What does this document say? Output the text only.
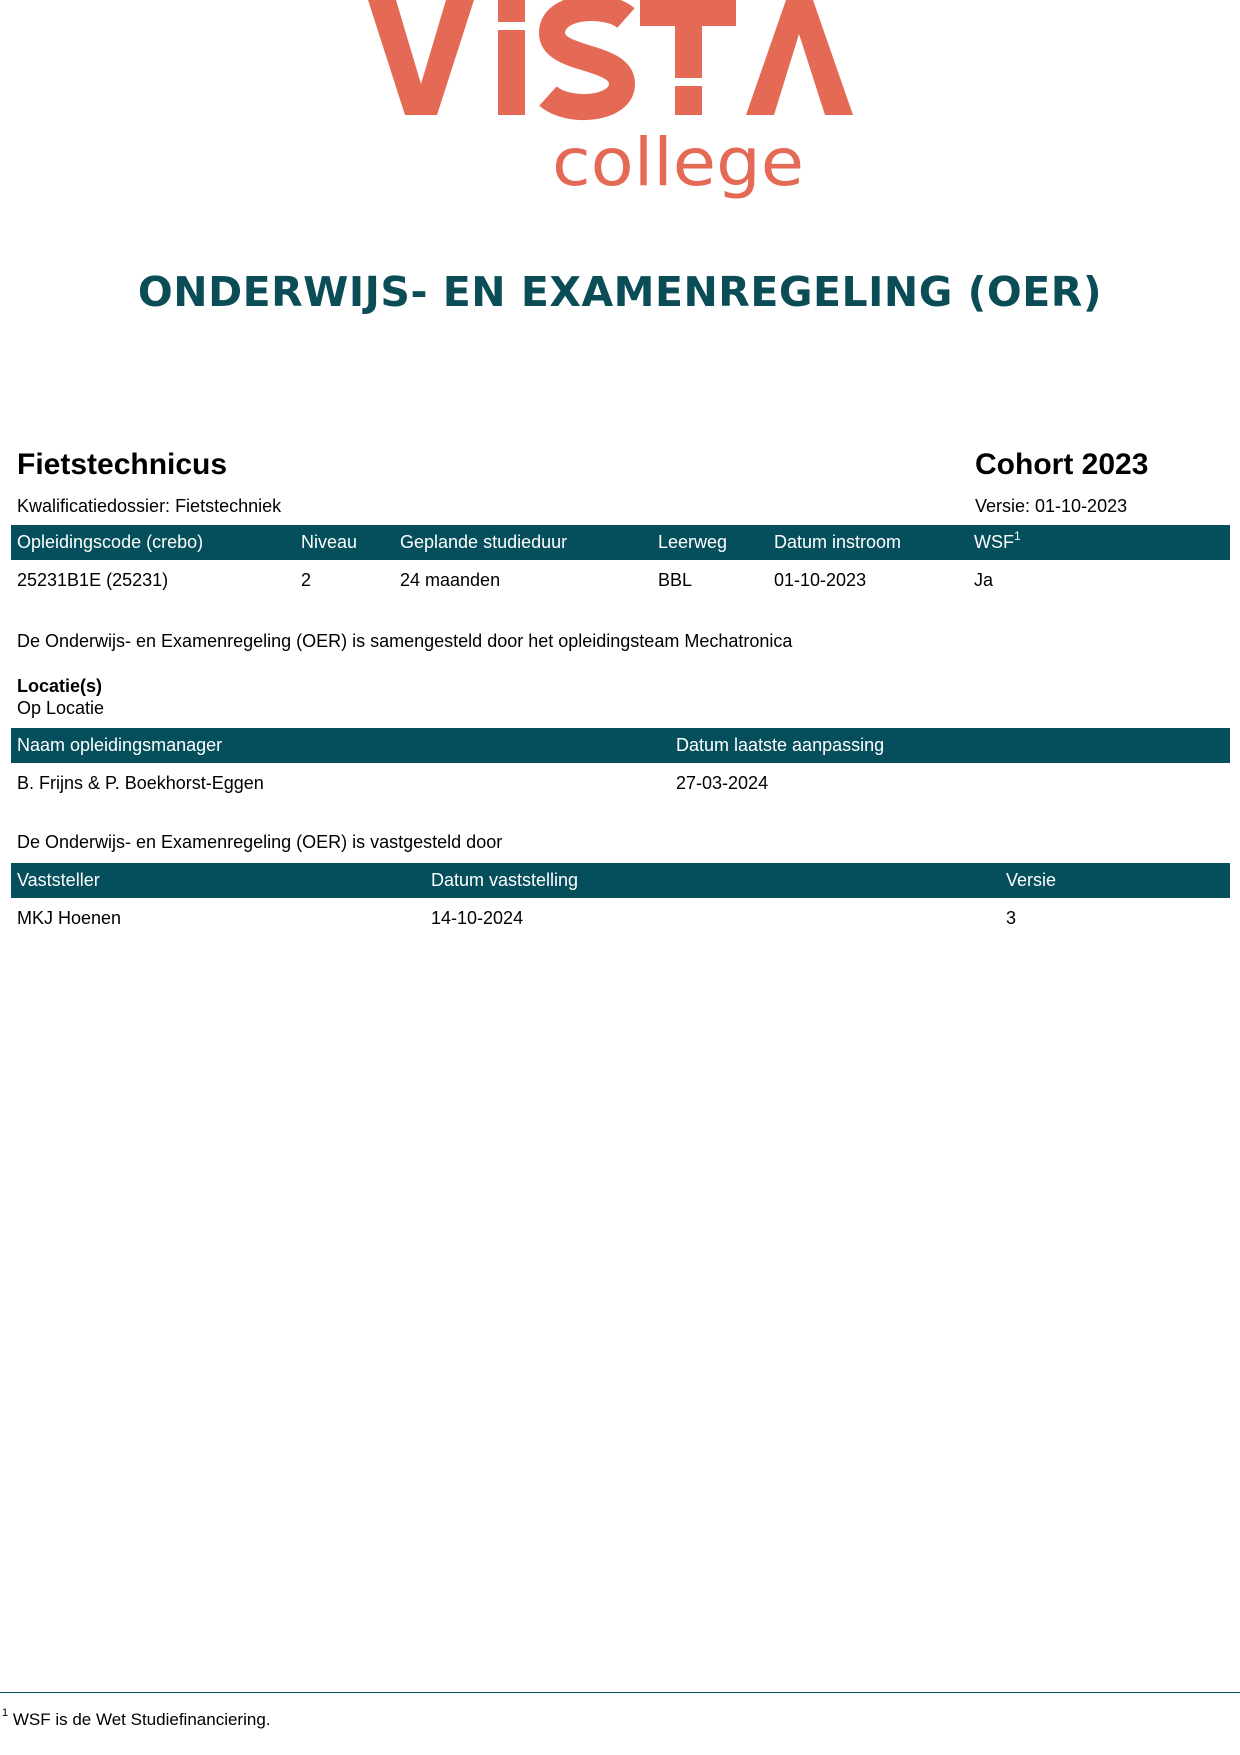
college
ONDERWIJS- EN EXAMENREGELING (OER)
Fietstechnicus	Cohort 2023
Kwalificatiedossier: Fietstechniek	Versie: 01-10-2023
Opleidingscode (crebo)	Niveau	Geplande studieduur	Leerweg	Datum instroom	WSF$^1$
25231B1E (25231)	2	24 maanden	BBL	01-10-2023	Ja
De Onderwijs- en Examenregeling (OER) is samengesteld door het opleidingsteam Mechatronica
Locatie(s)
Op Locatie
Naam opleidingsmanager	Datum laatste aanpassing
B. Frijns & P. Boekhorst-Eggen	27-03-2024
De Onderwijs- en Examenregeling (OER) is vastgesteld door
Vaststeller	Datum vaststelling	Versie
MKJ Hoenen	14-10-2024	3
$^1$ WSF is de Wet Studiefinanciering.
